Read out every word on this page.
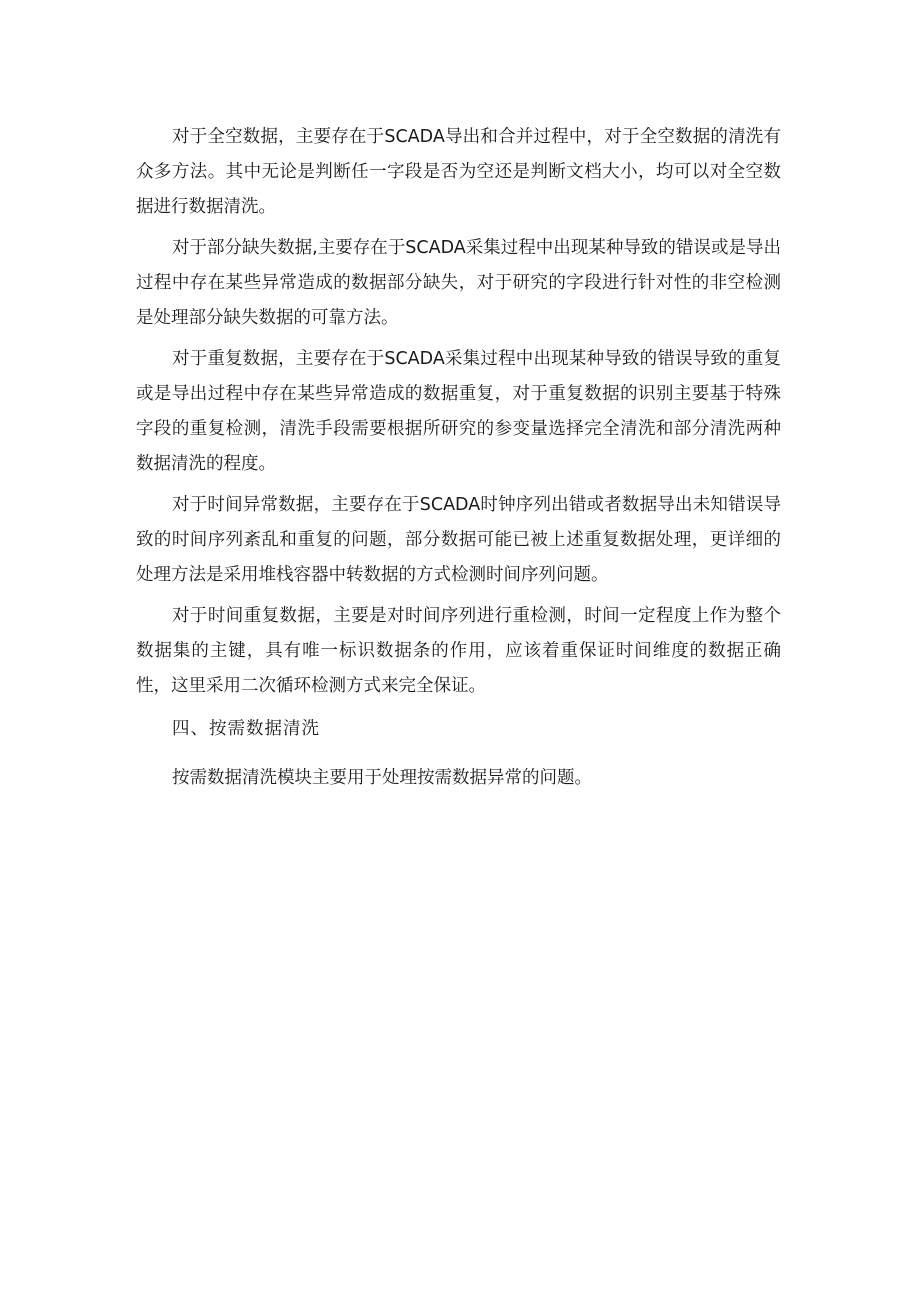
对于全空数据，主要存在于SCADA导出和合并过程中，对于全空数据的清洗有众多方法。其中无论是判断任一字段是否为空还是判断文档大小，均可以对全空数据进行数据清洗。

对于部分缺失数据,主要存在于SCADA采集过程中出现某种导致的错误或是导出过程中存在某些异常造成的数据部分缺失，对于研究的字段进行针对性的非空检测是处理部分缺失数据的可靠方法。

对于重复数据，主要存在于SCADA采集过程中出现某种导致的错误导致的重复或是导出过程中存在某些异常造成的数据重复，对于重复数据的识别主要基于特殊字段的重复检测，清洗手段需要根据所研究的参变量选择完全清洗和部分清洗两种数据清洗的程度。

对于时间异常数据，主要存在于SCADA时钟序列出错或者数据导出未知错误导致的时间序列紊乱和重复的问题，部分数据可能已被上述重复数据处理，更详细的处理方法是采用堆栈容器中转数据的方式检测时间序列问题。

对于时间重复数据，主要是对时间序列进行重检测，时间一定程度上作为整个数据集的主键，具有唯一标识数据条的作用，应该着重保证时间维度的数据正确性，这里采用二次循环检测方式来完全保证。

四、按需数据清洗

按需数据清洗模块主要用于处理按需数据异常的问题。
